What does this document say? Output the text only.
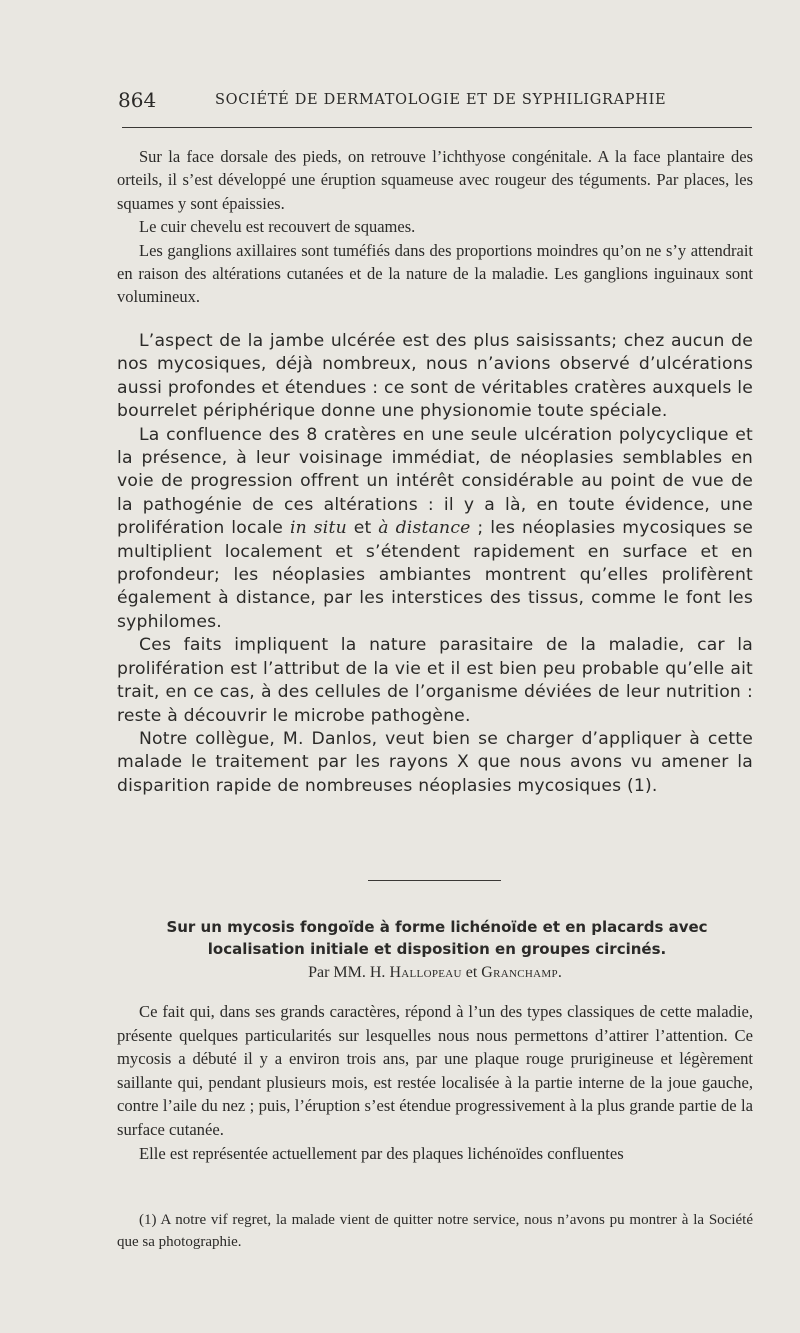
864	SOCIÉTÉ DE DERMATOLOGIE ET DE SYPHILIGRAPHIE

Sur la face dorsale des pieds, on retrouve l’ichthyose congénitale. A la face plantaire des orteils, il s’est développé une éruption squameuse avec rougeur des téguments. Par places, les squames y sont épaissies.

Le cuir chevelu est recouvert de squames.

Les ganglions axillaires sont tuméfiés dans des proportions moindres qu’on ne s’y attendrait en raison des altérations cutanées et de la nature de la maladie. Les ganglions inguinaux sont volumineux.

L’aspect de la jambe ulcérée est des plus saisissants; chez aucun de nos mycosiques, déjà nombreux, nous n’avions observé d’ulcérations aussi profondes et étendues : ce sont de véritables cratères auxquels le bourrelet périphérique donne une physionomie toute spéciale.

La confluence des 8 cratères en une seule ulcération polycyclique et la présence, à leur voisinage immédiat, de néoplasies semblables en voie de progression offrent un intérêt considérable au point de vue de la pathogénie de ces altérations : il y a là, en toute évidence, une prolifération locale in situ et à distance ; les néoplasies mycosiques se multiplient localement et s’étendent rapidement en surface et en profondeur; les néoplasies ambiantes montrent qu’elles prolifèrent également à distance, par les interstices des tissus, comme le font les syphilomes.

Ces faits impliquent la nature parasitaire de la maladie, car la prolifération est l’attribut de la vie et il est bien peu probable qu’elle ait trait, en ce cas, à des cellules de l’organisme déviées de leur nutrition : reste à découvrir le microbe pathogène.

Notre collègue, M. Danlos, veut bien se charger d’appliquer à cette malade le traitement par les rayons X que nous avons vu amener la disparition rapide de nombreuses néoplasies mycosiques (1).

Sur un mycosis fongoïde à forme lichénoïde et en placards avec
localisation initiale et disposition en groupes circinés.
Par MM. H. Hallopeau et Granchamp.

Ce fait qui, dans ses grands caractères, répond à l’un des types classiques de cette maladie, présente quelques particularités sur lesquelles nous nous permettons d’attirer l’attention. Ce mycosis a débuté il y a environ trois ans, par une plaque rouge prurigineuse et légèrement saillante qui, pendant plusieurs mois, est restée localisée à la partie interne de la joue gauche, contre l’aile du nez ; puis, l’éruption s’est étendue progressivement à la plus grande partie de la surface cutanée.

Elle est représentée actuellement par des plaques lichénoïdes confluentes

(1) A notre vif regret, la malade vient de quitter notre service, nous n’avons pu montrer à la Société que sa photographie.
